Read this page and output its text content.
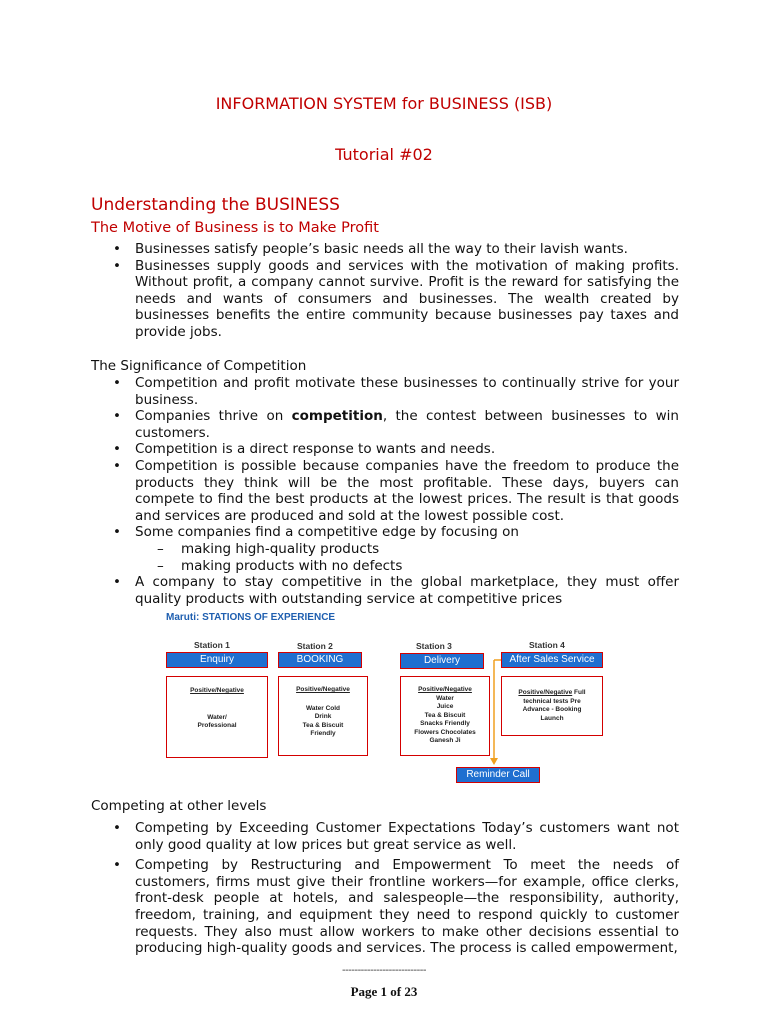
INFORMATION SYSTEM for BUSINESS (ISB)
Tutorial #02
Understanding the BUSINESS
The Motive of Business is to Make Profit
• Businesses satisfy people’s basic needs all the way to their lavish wants.
• Businesses supply goods and services with the motivation of making profits. Without profit, a company cannot survive. Profit is the reward for satisfying the needs and wants of consumers and businesses. The wealth created by businesses benefits the entire community because businesses pay taxes and provide jobs.
The Significance of Competition
• Competition and profit motivate these businesses to continually strive for your business.
• Companies thrive on competition, the contest between businesses to win customers.
• Competition is a direct response to wants and needs.
• Competition is possible because companies have the freedom to produce the products they think will be the most profitable. These days, buyers can compete to find the best products at the lowest prices. The result is that goods and services are produced and sold at the lowest possible cost.
• Some companies find a competitive edge by focusing on
– making high-quality products
– making products with no defects
• A company to stay competitive in the global marketplace, they must offer quality products with outstanding service at competitive prices
Maruti: STATIONS OF EXPERIENCE
Station 1	Station 2	Station 3	Station 4
Enquiry	BOOKING	Delivery	After Sales Service
Positive/Negative
Water/
Professional
Positive/Negative
Water Cold
Drink
Tea & Biscuit
Friendly
Positive/Negative
Water
Juice
Tea & Biscuit
Snacks Friendly
Flowers Chocolates
Ganesh Ji
Positive/Negative Full
technical tests Pre
Advance - Booking
Launch
Reminder Call
Competing at other levels
• Competing by Exceeding Customer Expectations Today’s customers want not only good quality at low prices but great service as well.
• Competing by Restructuring and Empowerment To meet the needs of customers, firms must give their frontline workers—for example, office clerks, front-desk people at hotels, and salespeople—the responsibility, authority, freedom, training, and equipment they need to respond quickly to customer requests. They also must allow workers to make other decisions essential to producing high-quality goods and services. The process is called empowerment,
---------------------------
Page 1 of 23
